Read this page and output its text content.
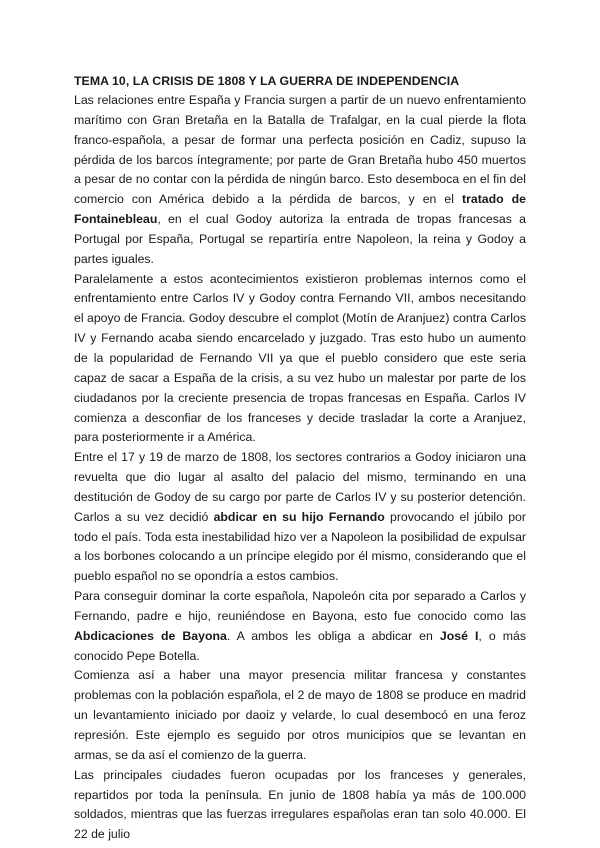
TEMA 10, LA CRISIS DE 1808 Y LA GUERRA DE INDEPENDENCIA

Las relaciones entre España y Francia surgen a partir de un nuevo enfrentamiento marítimo con Gran Bretaña en la Batalla de Trafalgar, en la cual pierde la flota franco-española, a pesar de formar una perfecta posición en Cadiz, supuso la pérdida de los barcos íntegramente; por parte de Gran Bretaña hubo 450 muertos a pesar de no contar con la pérdida de ningún barco. Esto desemboca en el fin del comercio con América debido a la pérdida de barcos, y en el tratado de Fontainebleau, en el cual Godoy autoriza la entrada de tropas francesas a Portugal por España, Portugal se repartiría entre Napoleon, la reina y Godoy a partes iguales.

Paralelamente a estos acontecimientos existieron problemas internos como el enfrentamiento entre Carlos IV y Godoy contra Fernando VII, ambos necesitando el apoyo de Francia. Godoy descubre el complot (Motín de Aranjuez) contra Carlos IV y Fernando acaba siendo encarcelado y juzgado. Tras esto hubo un aumento de la popularidad de Fernando VII ya que el pueblo considero que este seria capaz de sacar a España de la crisis, a su vez hubo un malestar por parte de los ciudadanos por la creciente presencia de tropas francesas en España. Carlos IV comienza a desconfiar de los franceses y decide trasladar la corte a Aranjuez, para posteriormente ir a América.

Entre el 17 y 19 de marzo de 1808, los sectores contrarios a Godoy iniciaron una revuelta que dio lugar al asalto del palacio del mismo, terminando en una destitución de Godoy de su cargo por parte de Carlos IV y su posterior detención. Carlos a su vez decidió abdicar en su hijo Fernando provocando el júbilo por todo el país. Toda esta inestabilidad hizo ver a Napoleon la posibilidad de expulsar a los borbones colocando a un príncipe elegido por él mismo, considerando que el pueblo español no se opondría a estos cambios.

Para conseguir dominar la corte española, Napoleón cita por separado a Carlos y Fernando, padre e hijo, reuniéndose en Bayona, esto fue conocido como las Abdicaciones de Bayona. A ambos les obliga a abdicar en José I, o más conocido Pepe Botella.

Comienza así a haber una mayor presencia militar francesa y constantes problemas con la población española, el 2 de mayo de 1808 se produce en madrid un levantamiento iniciado por daoiz y velarde, lo cual desembocó en una feroz represión. Este ejemplo es seguido por otros municipios que se levantan en armas, se da así el comienzo de la guerra.

Las principales ciudades fueron ocupadas por los franceses y generales, repartidos por toda la península. En junio de 1808 había ya más de 100.000 soldados, mientras que las fuerzas irregulares españolas eran tan solo 40.000. El 22 de julio
